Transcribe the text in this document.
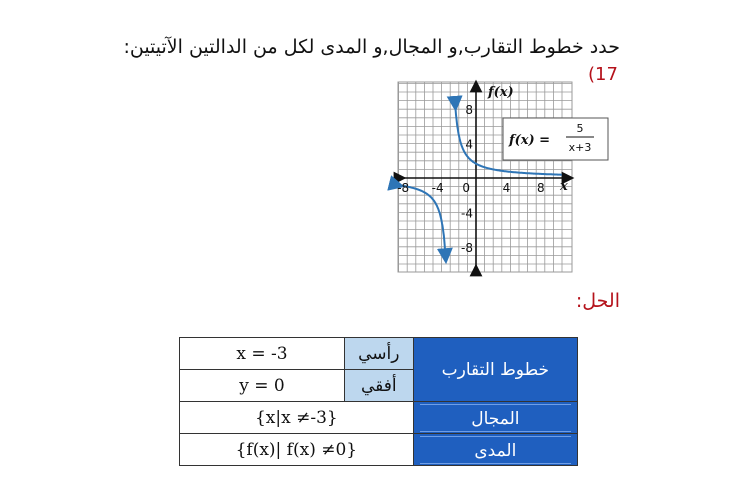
حدد خطوط التقارب,و المجال,و المدى لكل من الدالتين الآتيتين:
(17
-8 -4 0	4 8
8
4
-4
-8
f(x)
x
f(x) =
5
x+3
الحل:
x = -3	رأسي	خطوط التقارب
y = 0	أفقي	
{x|x ≠-3}		المجال

{f(x)| f(x) ≠0}		المدى
